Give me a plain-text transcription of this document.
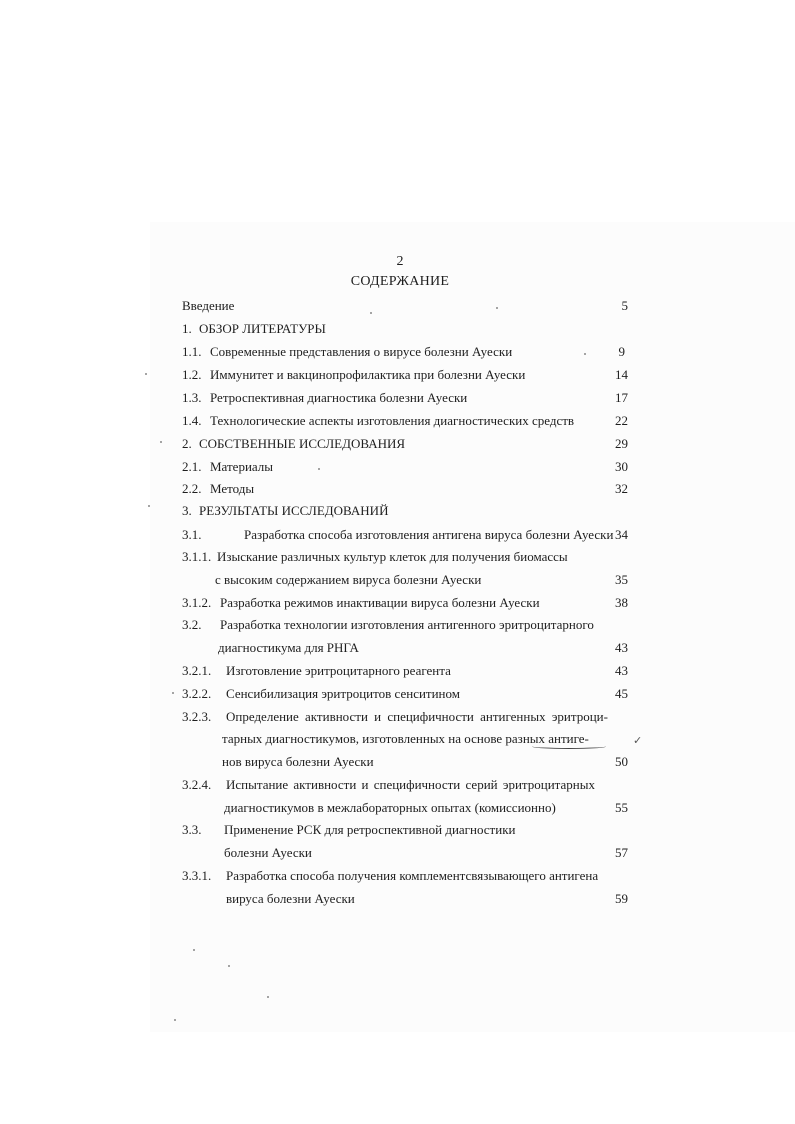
2
СОДЕРЖАНИЕ
Введение	5
1. ОБЗОР ЛИТЕРАТУРЫ
1.1. Современные представления о вирусе болезни Ауески	9
1.2. Иммунитет и вакцинопрофилактика при болезни Ауески	14
1.3. Ретроспективная диагностика болезни Ауески	17
1.4. Технологические аспекты изготовления диагностических средств	22
2. СОБСТВЕННЫЕ ИССЛЕДОВАНИЯ	29
2.1. Материалы	30
2.2. Методы	32
3. РЕЗУЛЬТАТЫ ИССЛЕДОВАНИЙ
3.1.	Разработка способа изготовления антигена вируса болезни Ауески 34
3.1.1. Изыскание различных культур клеток для получения биомассы
с высоким содержанием вируса болезни Ауески	35
3.1.2. Разработка режимов инактивации вируса болезни Ауески	38
3.2. Разработка технологии изготовления антигенного эритроцитарного
диагностикума для РНГА	43
3.2.1. Изготовление эритроцитарного реагента	43
3.2.2. Сенсибилизация эритроцитов сенситином	45
3.2.3. Определение активности и специфичности антигенных эритроци-
тарных диагностикумов, изготовленных на основе разных антиге-
нов вируса болезни Ауески	50
3.2.4. Испытание активности и специфичности серий эритроцитарных
диагностикумов в межлабораторных опытах (комиссионно)	55
3.3. Применение РСК для ретроспективной диагностики
болезни Ауески	57
3.3.1. Разработка способа получения комплементсвязывающего антигена
вируса болезни Ауески	59
✓
